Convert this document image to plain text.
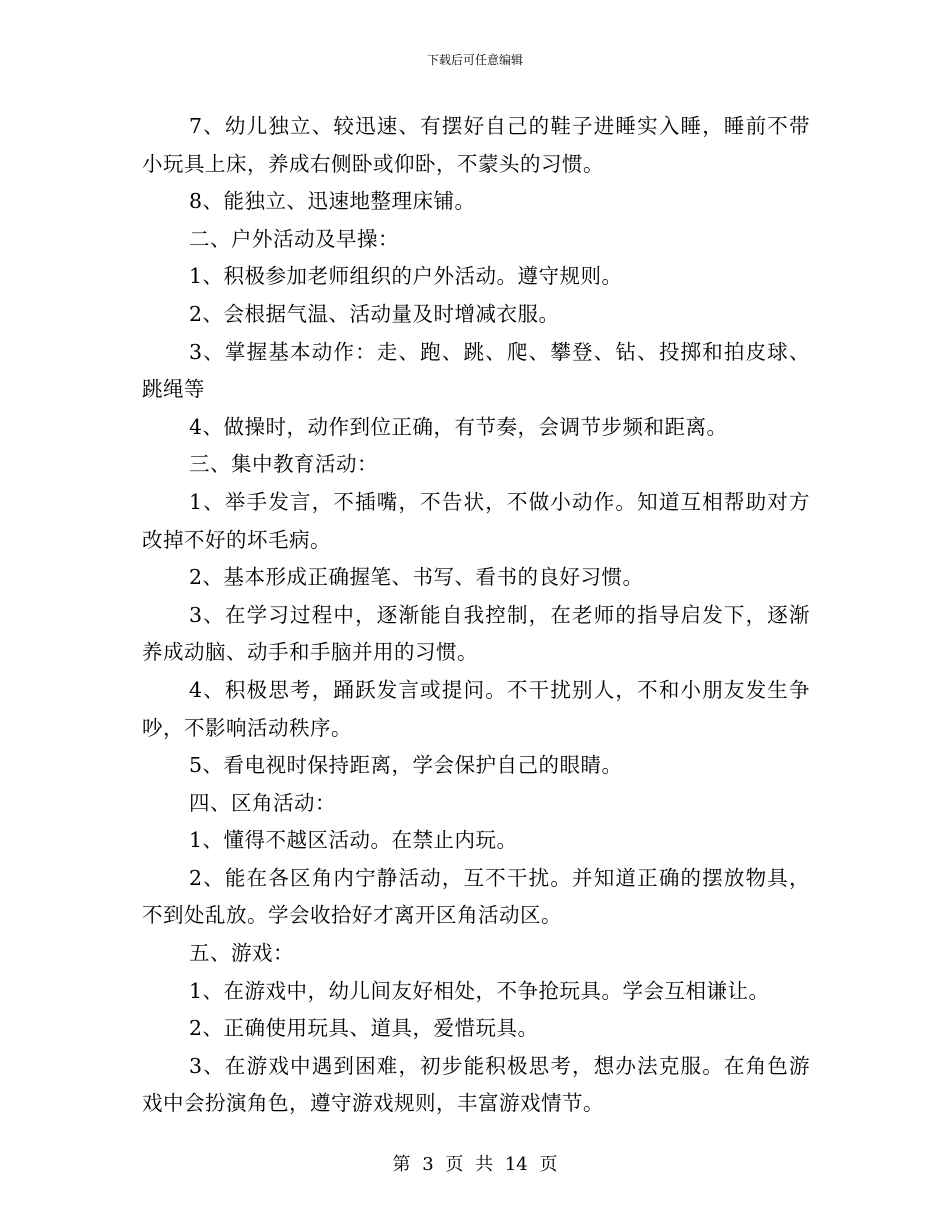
下载后可任意编辑

7、幼儿独立、较迅速、有摆好自己的鞋子进睡实入睡，睡前不带小玩具上床，养成右侧卧或仰卧，不蒙头的习惯。

8、能独立、迅速地整理床铺。

二、户外活动及早操：

1、积极参加老师组织的户外活动。遵守规则。

2、会根据气温、活动量及时增减衣服。

3、掌握基本动作：走、跑、跳、爬、攀登、钻、投掷和拍皮球、跳绳等

4、做操时，动作到位正确，有节奏，会调节步频和距离。

三、集中教育活动：

1、举手发言，不插嘴，不告状，不做小动作。知道互相帮助对方改掉不好的坏毛病。

2、基本形成正确握笔、书写、看书的良好习惯。

3、在学习过程中，逐渐能自我控制，在老师的指导启发下，逐渐养成动脑、动手和手脑并用的习惯。

4、积极思考，踊跃发言或提问。不干扰别人，不和小朋友发生争吵，不影响活动秩序。

5、看电视时保持距离，学会保护自己的眼睛。

四、区角活动：

1、懂得不越区活动。在禁止内玩。

2、能在各区角内宁静活动，互不干扰。并知道正确的摆放物具，不到处乱放。学会收拾好才离开区角活动区。

五、游戏：

1、在游戏中，幼儿间友好相处，不争抢玩具。学会互相谦让。

2、正确使用玩具、道具，爱惜玩具。

3、在游戏中遇到困难，初步能积极思考，想办法克服。在角色游戏中会扮演角色，遵守游戏规则，丰富游戏情节。

第 3 页 共 14 页
